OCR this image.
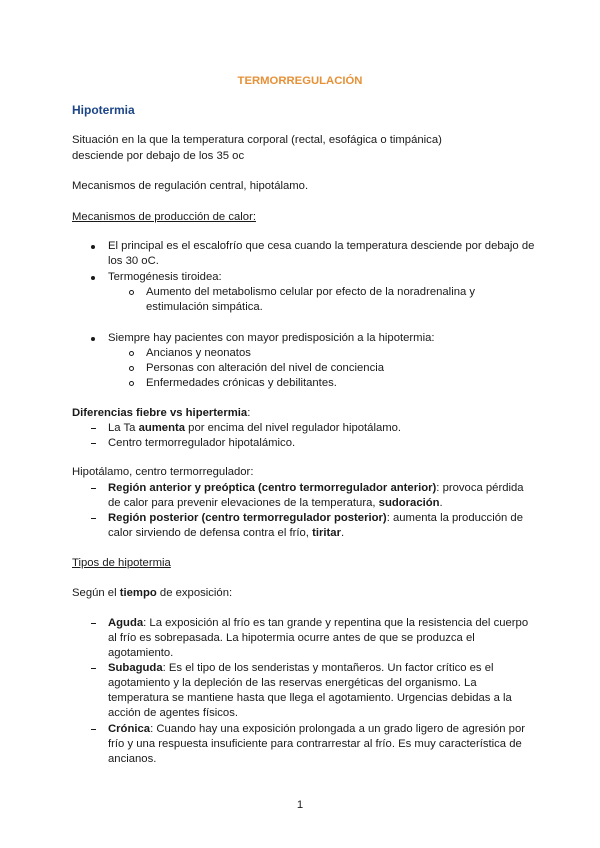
TERMORREGULACIÓN
Hipotermia
Situación en la que la temperatura corporal (rectal, esofágica o timpánica)
desciende por debajo de los 35 oc
Mecanismos de regulación central, hipotálamo.
Mecanismos de producción de calor:
El principal es el escalofrío que cesa cuando la temperatura desciende por debajo de
los 30 oC.
Termogénesis tiroidea:
Aumento del metabolismo celular por efecto de la noradrenalina y
estimulación simpática.
Siempre hay pacientes con mayor predisposición a la hipotermia:
Ancianos y neonatos
Personas con alteración del nivel de conciencia
Enfermedades crónicas y debilitantes.
Diferencias fiebre vs hipertermia:
La Ta aumenta por encima del nivel regulador hipotálamo.
Centro termorregulador hipotalámico.
Hipotálamo, centro termorregulador:
Región anterior y preóptica (centro termorregulador anterior): provoca pérdida
de calor para prevenir elevaciones de la temperatura, sudoración.
Región posterior (centro termorregulador posterior): aumenta la producción de
calor sirviendo de defensa contra el frío, tiritar.
Tipos de hipotermia
Según el tiempo de exposición:
Aguda: La exposición al frío es tan grande y repentina que la resistencia del cuerpo
al frío es sobrepasada. La hipotermia ocurre antes de que se produzca el
agotamiento.
Subaguda: Es el tipo de los senderistas y montañeros. Un factor crítico es el
agotamiento y la depleción de las reservas energéticas del organismo. La
temperatura se mantiene hasta que llega el agotamiento. Urgencias debidas a la
acción de agentes físicos.
Crónica: Cuando hay una exposición prolongada a un grado ligero de agresión por
frío y una respuesta insuficiente para contrarrestar al frío. Es muy característica de
ancianos.
1
